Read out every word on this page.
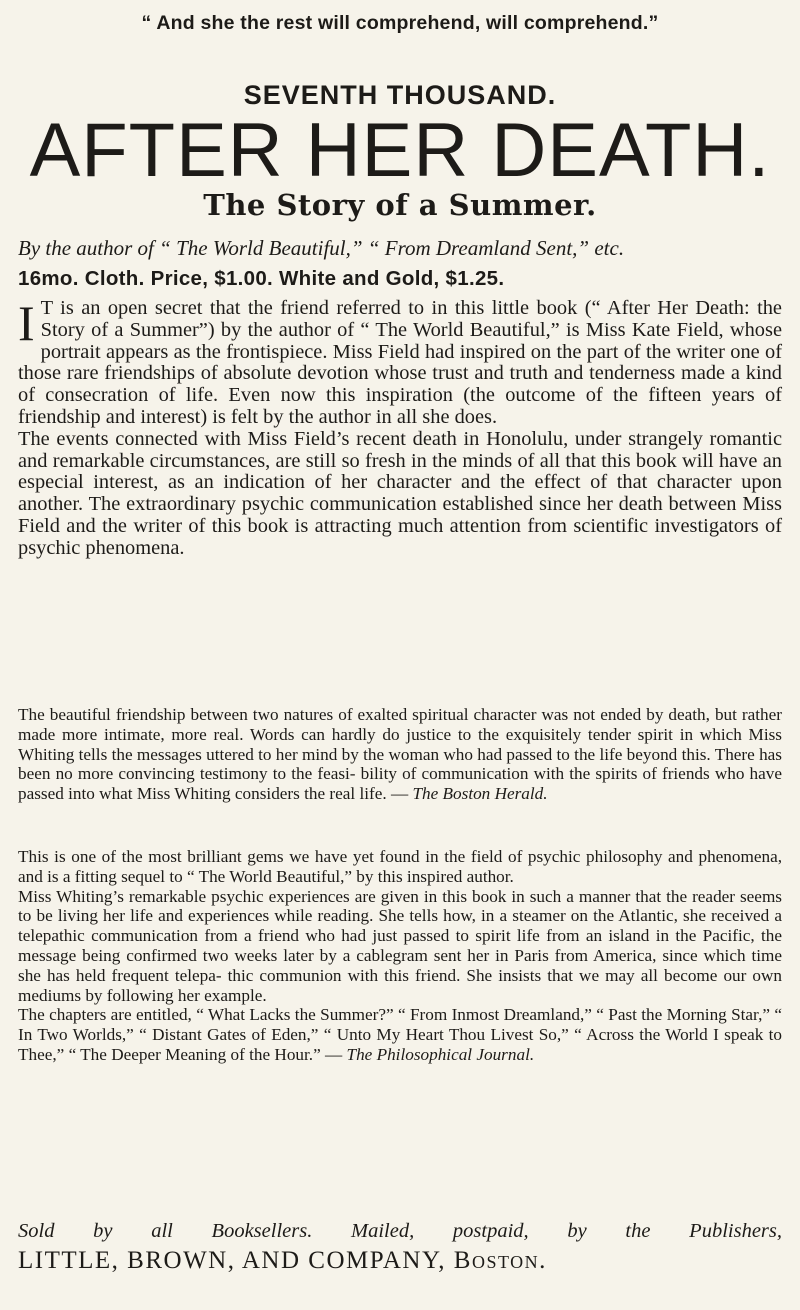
“ And she the rest will comprehend, will comprehend.”

SEVENTH THOUSAND.

AFTER HER DEATH.

The Story of a Summer.

By the author of “ The World Beautiful,” “ From Dreamland Sent,” etc.

16mo. Cloth. Price, $1.00. White and Gold, $1.25.

I T is an open secret that the friend referred to in this little book (“ After Her Death: the Story of a Summer”) by the author of “ The World Beautiful,” is Miss Kate Field, whose portrait appears as the frontispiece. Miss Field had inspired on the part of the writer one of those rare friendships of absolute devotion whose trust and truth and tenderness made a kind of consecration of life. Even now this inspiration (the outcome of the fifteen years of friendship and interest) is felt by the author in all she does.

The events connected with Miss Field’s recent death in Honolulu, under strangely romantic and remarkable circumstances, are still so fresh in the minds of all that this book will have an especial interest, as an indication of her character and the effect of that character upon another. The extraordinary psychic communication established since her death between Miss Field and the writer of this book is attracting much attention from scientific investigators of psychic phenomena.

The beautiful friendship between two natures of exalted spiritual character was not ended by death, but rather made more intimate, more real. Words can hardly do justice to the exquisitely tender spirit in which Miss Whiting tells the messages uttered to her mind by the woman who had passed to the life beyond this. There has been no more convincing testimony to the feasi- bility of communication with the spirits of friends who have passed into what Miss Whiting considers the real life. — The Boston Herald.

This is one of the most brilliant gems we have yet found in the field of psychic philosophy and phenomena, and is a fitting sequel to “ The World Beautiful,” by this inspired author.

Miss Whiting’s remarkable psychic experiences are given in this book in such a manner that the reader seems to be living her life and experiences while reading. She tells how, in a steamer on the Atlantic, she received a telepathic communication from a friend who had just passed to spirit life from an island in the Pacific, the message being confirmed two weeks later by a cablegram sent her in Paris from America, since which time she has held frequent telepa- thic communion with this friend. She insists that we may all become our own mediums by following her example.

The chapters are entitled, “ What Lacks the Summer?” “ From Inmost Dreamland,” “ Past the Morning Star,” “ In Two Worlds,” “ Distant Gates of Eden,” “ Unto My Heart Thou Livest So,” “ Across the World I speak to Thee,” “ The Deeper Meaning of the Hour.” — The Philosophical Journal.

Sold by all Booksellers. Mailed, postpaid, by the Publishers,

LITTLE, BROWN, AND COMPANY, Boston.
